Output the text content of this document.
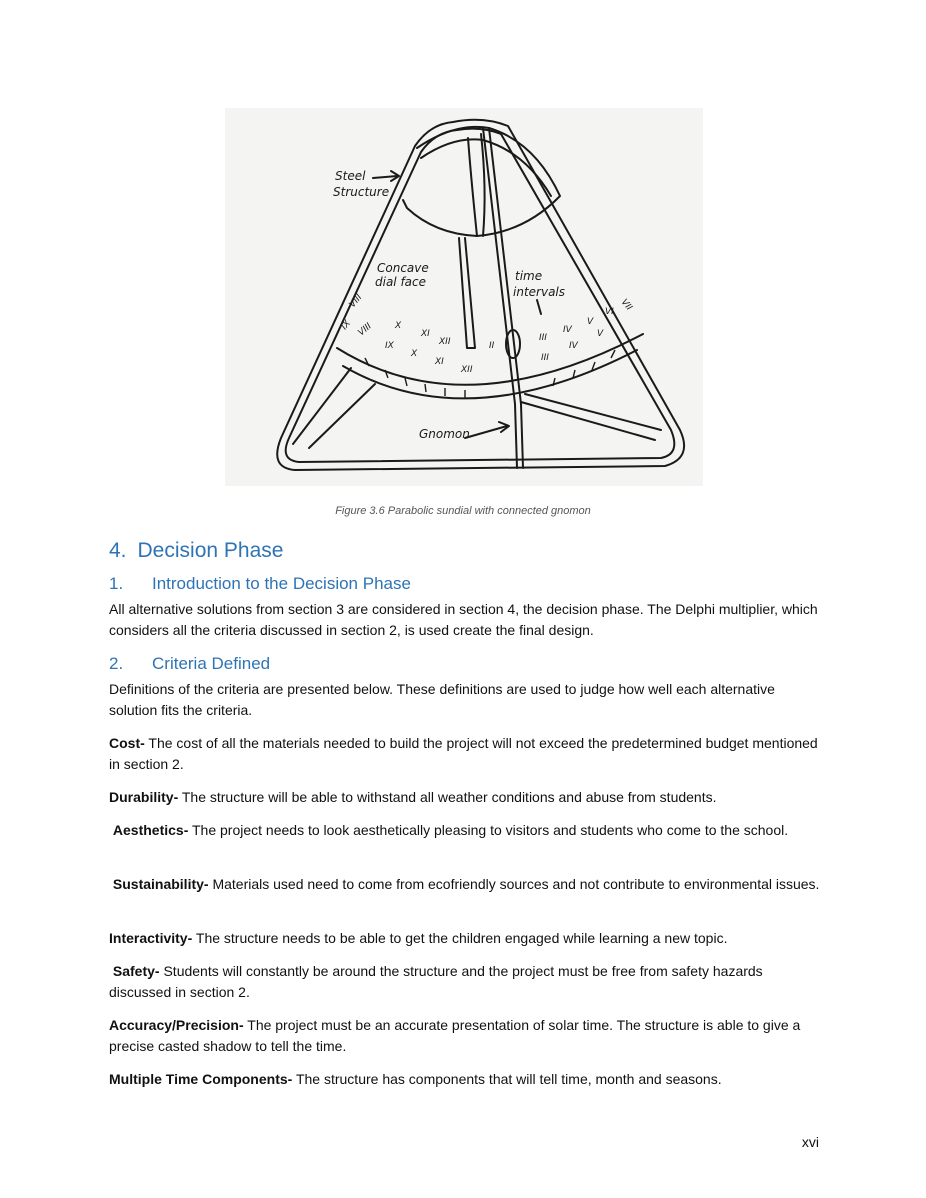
Steel
Structure
Concave
dial face	time
intervals
Gnomon
VIII
IX	X
XI
XII	III
IV
V
VI VII
VIII
IX
X
XI
XII
II
III
IV
V
Figure 3.6 Parabolic sundial with connected gnomon
4. Decision Phase
1.	Introduction to the Decision Phase
All alternative solutions from section 3 are considered in section 4, the decision phase. The Delphi multiplier, which considers all the criteria discussed in section 2, is used create the final design.
2.	Criteria Defined
Definitions of the criteria are presented below. These definitions are used to judge how well each alternative solution fits the criteria.
Cost- The cost of all the materials needed to build the project will not exceed the predetermined budget mentioned in section 2.
Durability- The structure will be able to withstand all weather conditions and abuse from students.
Aesthetics- The project needs to look aesthetically pleasing to visitors and students who come to the school.
Sustainability- Materials used need to come from ecofriendly sources and not contribute to environmental issues.
Interactivity- The structure needs to be able to get the children engaged while learning a new topic.
Safety- Students will constantly be around the structure and the project must be free from safety hazards discussed in section 2.
Accuracy/Precision- The project must be an accurate presentation of solar time. The structure is able to give a precise casted shadow to tell the time.
Multiple Time Components- The structure has components that will tell time, month and seasons.
xvi
